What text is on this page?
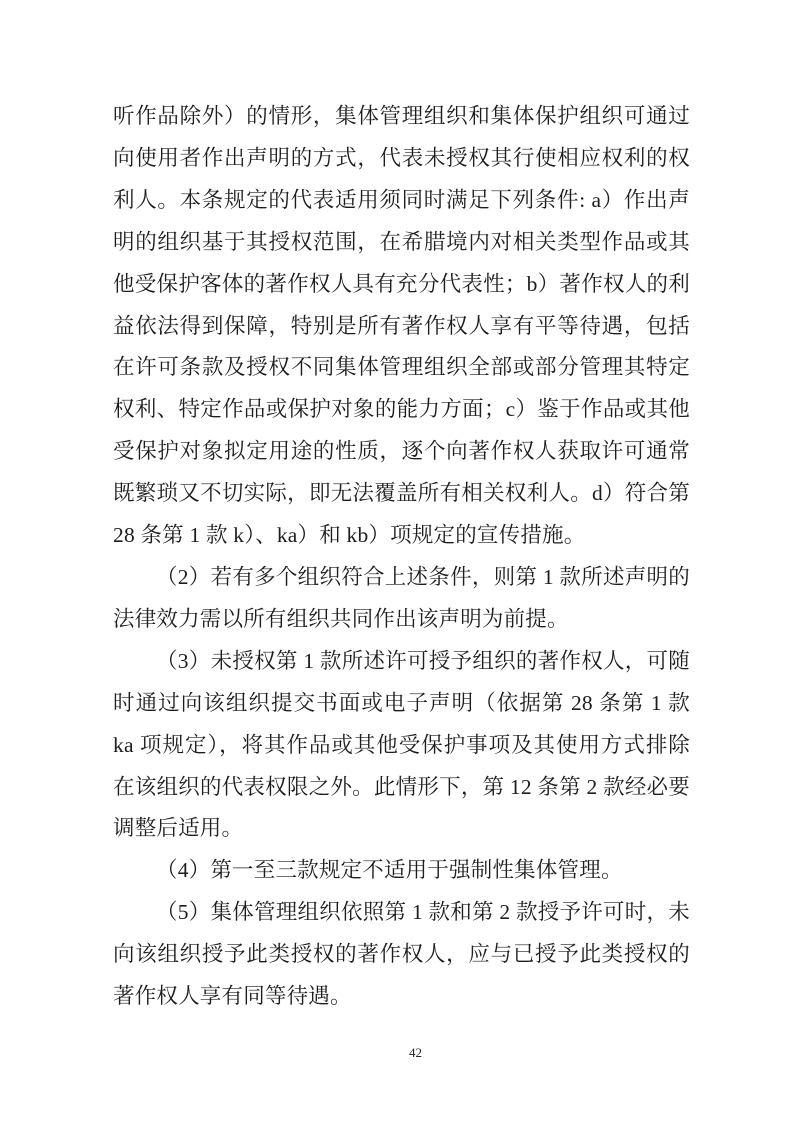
听作品除外）的情形，集体管理组织和集体保护组织可通过向使用者作出声明的方式，代表未授权其行使相应权利的权利人。本条规定的代表适用须同时满足下列条件: a）作出声明的组织基于其授权范围，在希腊境内对相关类型作品或其他受保护客体的著作权人具有充分代表性；b）著作权人的利益依法得到保障，特别是所有著作权人享有平等待遇，包括在许可条款及授权不同集体管理组织全部或部分管理其特定权利、特定作品或保护对象的能力方面；c）鉴于作品或其他受保护对象拟定用途的性质，逐个向著作权人获取许可通常既繁琐又不切实际，即无法覆盖所有相关权利人。d）符合第 28 条第 1 款 k）、ka）和 kb）项规定的宣传措施。

（2）若有多个组织符合上述条件，则第 1 款所述声明的法律效力需以所有组织共同作出该声明为前提。

（3）未授权第 1 款所述许可授予组织的著作权人，可随时通过向该组织提交书面或电子声明（依据第 28 条第 1 款 ka 项规定），将其作品或其他受保护事项及其使用方式排除在该组织的代表权限之外。此情形下，第 12 条第 2 款经必要调整后适用。

（4）第一至三款规定不适用于强制性集体管理。

（5）集体管理组织依照第 1 款和第 2 款授予许可时，未向该组织授予此类授权的著作权人，应与已授予此类授权的著作权人享有同等待遇。

42
